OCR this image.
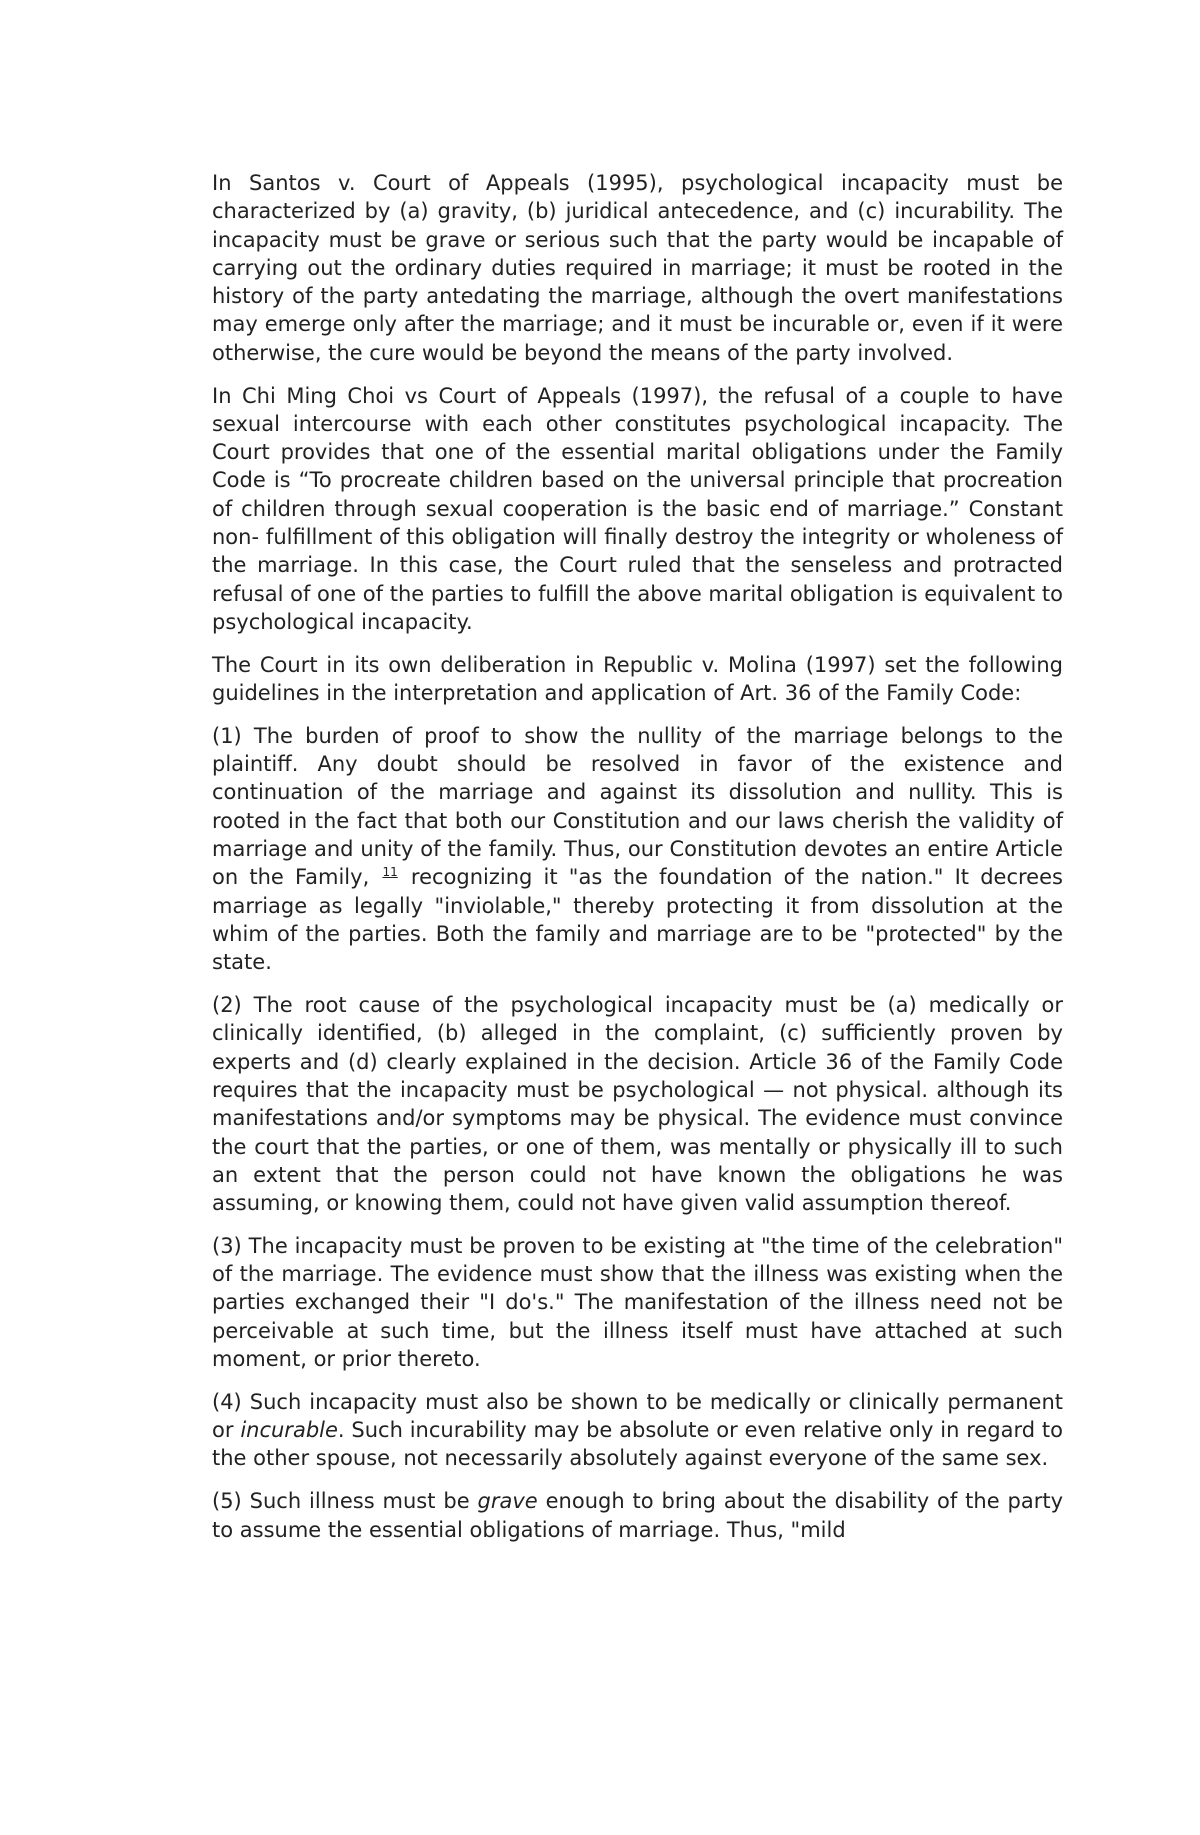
In Santos v. Court of Appeals (1995), psychological incapacity must be characterized by (a) gravity, (b) juridical antecedence, and (c) incurability. The incapacity must be grave or serious such that the party would be incapable of carrying out the ordinary duties required in marriage; it must be rooted in the history of the party antedating the marriage, although the overt manifestations may emerge only after the marriage; and it must be incurable or, even if it were otherwise, the cure would be beyond the means of the party involved.

In Chi Ming Choi vs Court of Appeals (1997), the refusal of a couple to have sexual intercourse with each other constitutes psychological incapacity. The Court provides that one of the essential marital obligations under the Family Code is “To procreate children based on the universal principle that procreation of children through sexual cooperation is the basic end of marriage.” Constant non- fulfillment of this obligation will finally destroy the integrity or wholeness of the marriage. In this case, the Court ruled that the senseless and protracted refusal of one of the parties to fulfill the above marital obligation is equivalent to psychological incapacity.

The Court in its own deliberation in Republic v. Molina (1997) set the following guidelines in the interpretation and application of Art. 36 of the Family Code:

(1) The burden of proof to show the nullity of the marriage belongs to the plaintiff. Any doubt should be resolved in favor of the existence and continuation of the marriage and against its dissolution and nullity. This is rooted in the fact that both our Constitution and our laws cherish the validity of marriage and unity of the family. Thus, our Constitution devotes an entire Article on the Family, $^{11}$ recognizing it "as the foundation of the nation." It decrees marriage as legally "inviolable," thereby protecting it from dissolution at the whim of the parties. Both the family and marriage are to be "protected" by the state.

(2) The root cause of the psychological incapacity must be (a) medically or clinically identified, (b) alleged in the complaint, (c) sufficiently proven by experts and (d) clearly explained in the decision. Article 36 of the Family Code requires that the incapacity must be psychological — not physical. although its manifestations and/or symptoms may be physical. The evidence must convince the court that the parties, or one of them, was mentally or physically ill to such an extent that the person could not have known the obligations he was assuming, or knowing them, could not have given valid assumption thereof.

(3) The incapacity must be proven to be existing at "the time of the celebration" of the marriage. The evidence must show that the illness was existing when the parties exchanged their "I do's." The manifestation of the illness need not be perceivable at such time, but the illness itself must have attached at such moment, or prior thereto.

(4) Such incapacity must also be shown to be medically or clinically permanent or incurable. Such incurability may be absolute or even relative only in regard to the other spouse, not necessarily absolutely against everyone of the same sex.

(5) Such illness must be grave enough to bring about the disability of the party to assume the essential obligations of marriage. Thus, "mild
